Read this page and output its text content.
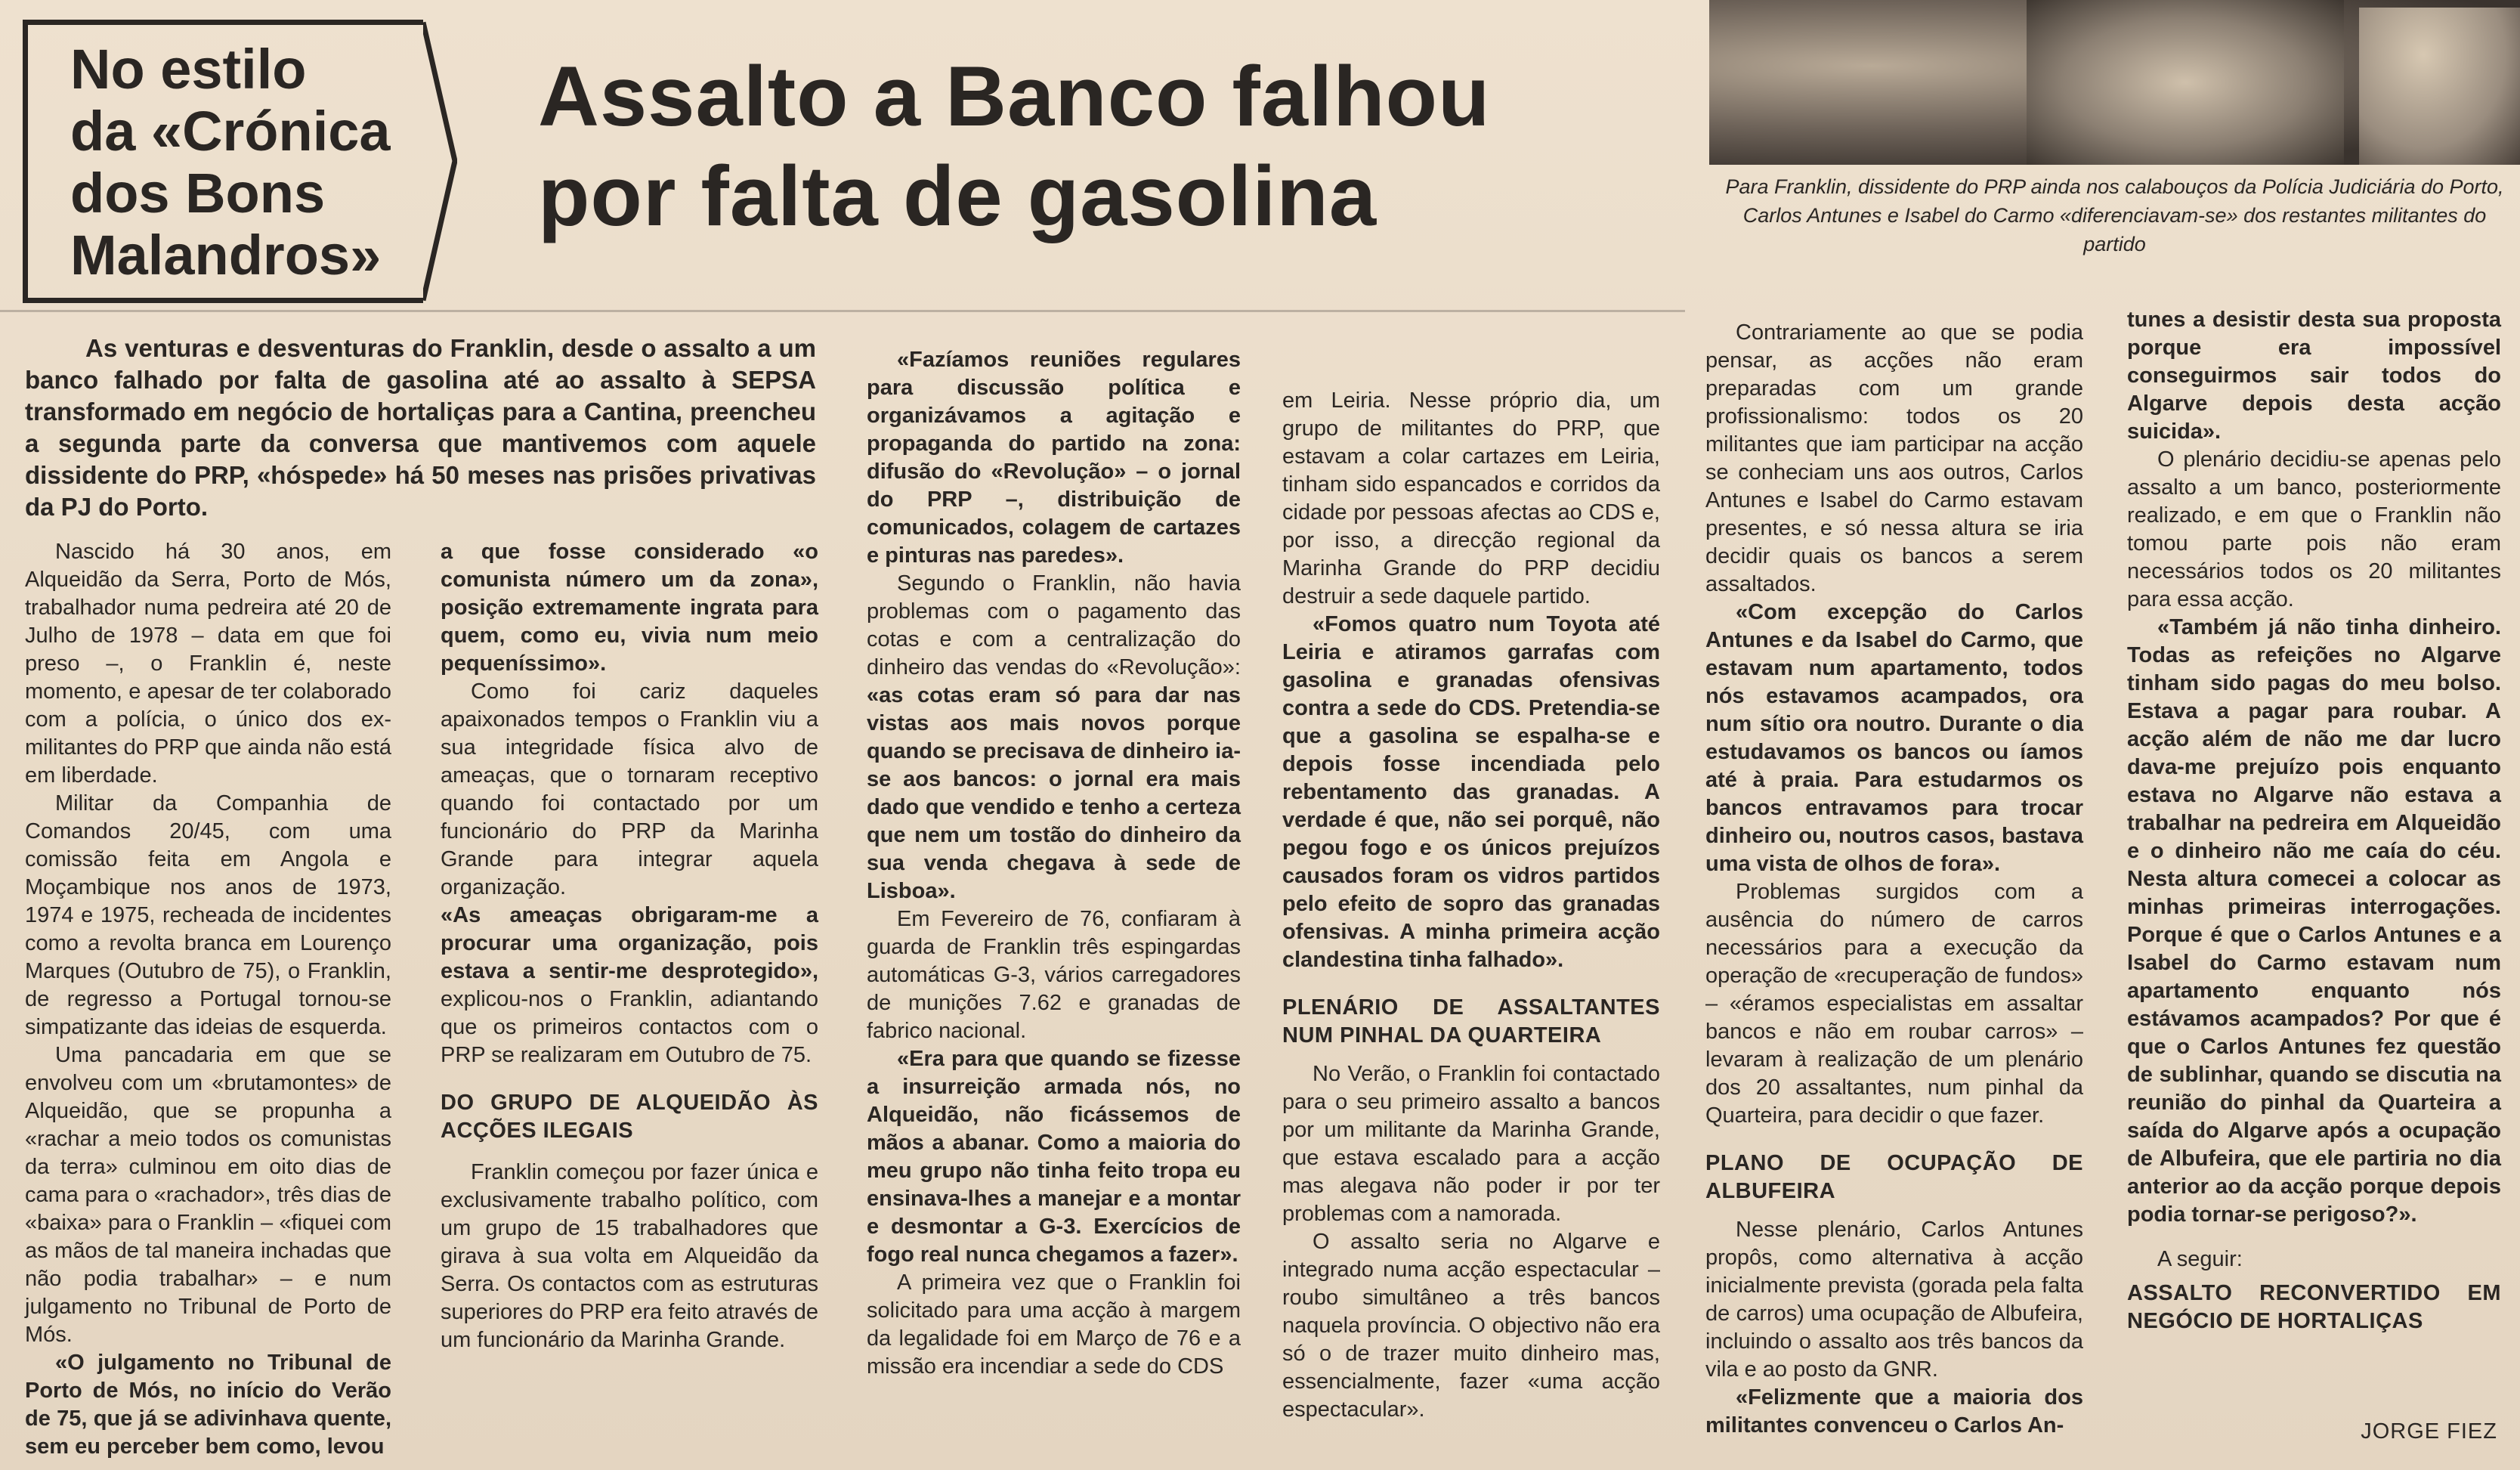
No estilo
da «Crónica
dos Bons
Malandros»
Assalto a Banco falhou
por falta de gasolina	Para Franklin, dissidente do PRP ainda nos calabouços da Polícia Judiciária do Porto, Carlos Antunes e Isabel do Carmo «diferenciavam-se» dos restantes militantes do partido
As venturas e desventuras do Franklin, desde o assalto a um banco falhado por falta de gasolina até ao assalto à SEPSA transformado em negócio de hortaliças para a Cantina, preencheu a segunda parte da conversa que mantivemos com aquele dissidente do PRP, «hóspede» há 50 meses nas prisões privativas da PJ do Porto.

Nascido há 30 anos, em Alqueidão da Serra, Porto de Mós, trabalhador numa pedreira até 20 de Julho de 1978 – data em que foi preso –, o Franklin é, neste momento, e apesar de ter colaborado com a polícia, o único dos ex-militantes do PRP que ainda não está em liberdade.

Militar da Companhia de Comandos 20/45, com uma comissão feita em Angola e Moçambique nos anos de 1973, 1974 e 1975, recheada de incidentes como a revolta branca em Lourenço Marques (Outubro de 75), o Franklin, de regresso a Portugal tornou-se simpatizante das ideias de esquerda.

Uma pancadaria em que se envolveu com um «brutamontes» de Alqueidão, que se propunha a «rachar a meio todos os comunistas da terra» culminou em oito dias de cama para o «rachador», três dias de «baixa» para o Franklin – «fiquei com as mãos de tal maneira inchadas que não podia trabalhar» – e num julgamento no Tribunal de Porto de Mós.

«O julgamento no Tribunal de Porto de Mós, no início do Verão de 75, que já se adivinhava quente, sem eu perceber bem como, levou

a que fosse considerado «o comunista número um da zona», posição extremamente ingrata para quem, como eu, vivia num meio pequeníssimo».

Como foi cariz daqueles apaixonados tempos o Franklin viu a sua integridade física alvo de ameaças, que o tornaram receptivo quando foi contactado por um funcionário do PRP da Marinha Grande para integrar aquela organização.

«As ameaças obrigaram-me a procurar uma organização, pois estava a sentir-me desprotegido», explicou-nos o Franklin, adiantando que os primeiros contactos com o PRP se realizaram em Outubro de 75.

DO GRUPO DE ALQUEIDÃO ÀS ACÇÕES ILEGAIS

Franklin começou por fazer única e exclusivamente trabalho político, com um grupo de 15 trabalhadores que girava à sua volta em Alqueidão da Serra. Os contactos com as estruturas superiores do PRP era feito através de um funcionário da Marinha Grande.

«Fazíamos reuniões regulares para discussão política e organizávamos a agitação e propaganda do partido na zona: difusão do «Revolução» – o jornal do PRP –, distribuição de comunicados, colagem de cartazes e pinturas nas paredes».

Segundo o Franklin, não havia problemas com o pagamento das cotas e com a centralização do dinheiro das vendas do «Revolução»: «as cotas eram só para dar nas vistas aos mais novos porque quando se precisava de dinheiro ia-se aos bancos: o jornal era mais dado que vendido e tenho a certeza que nem um tostão do dinheiro da sua venda chegava à sede de Lisboa».

Em Fevereiro de 76, confiaram à guarda de Franklin três espingardas automáticas G-3, vários carregadores de munições 7.62 e granadas de fabrico nacional.

«Era para que quando se fizesse a insurreição armada nós, no Alqueidão, não ficássemos de mãos a abanar. Como a maioria do meu grupo não tinha feito tropa eu ensinava-lhes a manejar e a montar e desmontar a G-3. Exercícios de fogo real nunca chegamos a fazer».

A primeira vez que o Franklin foi solicitado para uma acção à margem da legalidade foi em Março de 76 e a missão era incendiar a sede do CDS

em Leiria. Nesse próprio dia, um grupo de militantes do PRP, que estavam a colar cartazes em Leiria, tinham sido espancados e corridos da cidade por pessoas afectas ao CDS e, por isso, a direcção regional da Marinha Grande do PRP decidiu destruir a sede daquele partido.

«Fomos quatro num Toyota até Leiria e atiramos garrafas com gasolina e granadas ofensivas contra a sede do CDS. Pretendia-se que a gasolina se espalha-se e depois fosse incendiada pelo rebentamento das granadas. A verdade é que, não sei porquê, não pegou fogo e os únicos prejuízos causados foram os vidros partidos pelo efeito de sopro das granadas ofensivas. A minha primeira acção clandestina tinha falhado».

PLENÁRIO DE ASSALTANTES NUM PINHAL DA QUARTEIRA

No Verão, o Franklin foi contactado para o seu primeiro assalto a bancos por um militante da Marinha Grande, que estava escalado para a acção mas alegava não poder ir por ter problemas com a namorada.

O assalto seria no Algarve e integrado numa acção espectacular – roubo simultâneo a três bancos naquela província. O objectivo não era só o de trazer muito dinheiro mas, essencialmente, fazer «uma acção espectacular».

Contrariamente ao que se podia pensar, as acções não eram preparadas com um grande profissionalismo: todos os 20 militantes que iam participar na acção se conheciam uns aos outros, Carlos Antunes e Isabel do Carmo estavam presentes, e só nessa altura se iria decidir quais os bancos a serem assaltados.

«Com excepção do Carlos Antunes e da Isabel do Carmo, que estavam num apartamento, todos nós estavamos acampados, ora num sítio ora noutro. Durante o dia estudavamos os bancos ou íamos até à praia. Para estudarmos os bancos entravamos para trocar dinheiro ou, noutros casos, bastava uma vista de olhos de fora».

Problemas surgidos com a ausência do número de carros necessários para a execução da operação de «recuperação de fundos» – «éramos especialistas em assaltar bancos e não em roubar carros» – levaram à realização de um plenário dos 20 assaltantes, num pinhal da Quarteira, para decidir o que fazer.

PLANO DE OCUPAÇÃO DE ALBUFEIRA

Nesse plenário, Carlos Antunes propôs, como alternativa à acção inicialmente prevista (gorada pela falta de carros) uma ocupação de Albufeira, incluindo o assalto aos três bancos da vila e ao posto da GNR.

«Felizmente que a maioria dos militantes convenceu o Carlos An-

tunes a desistir desta sua proposta porque era impossível conseguirmos sair todos do Algarve depois desta acção suicida».

O plenário decidiu-se apenas pelo assalto a um banco, posteriormente realizado, e em que o Franklin não tomou parte pois não eram necessários todos os 20 militantes para essa acção.

«Também já não tinha dinheiro. Todas as refeições no Algarve tinham sido pagas do meu bolso. Estava a pagar para roubar. A acção além de não me dar lucro dava-me prejuízo pois enquanto estava no Algarve não estava a trabalhar na pedreira em Alqueidão e o dinheiro não me caía do céu. Nesta altura comecei a colocar as minhas primeiras interrogações. Porque é que o Carlos Antunes e a Isabel do Carmo estavam num apartamento enquanto nós estávamos acampados? Por que é que o Carlos Antunes fez questão de sublinhar, quando se discutia na reunião do pinhal da Quarteira a saída do Algarve após a ocupação de Albufeira, que ele partiria no dia anterior ao da acção porque depois podia tornar-se perigoso?».

A seguir:

ASSALTO RECONVERTIDO EM NEGÓCIO DE HORTALIÇAS
JORGE FIEZ
